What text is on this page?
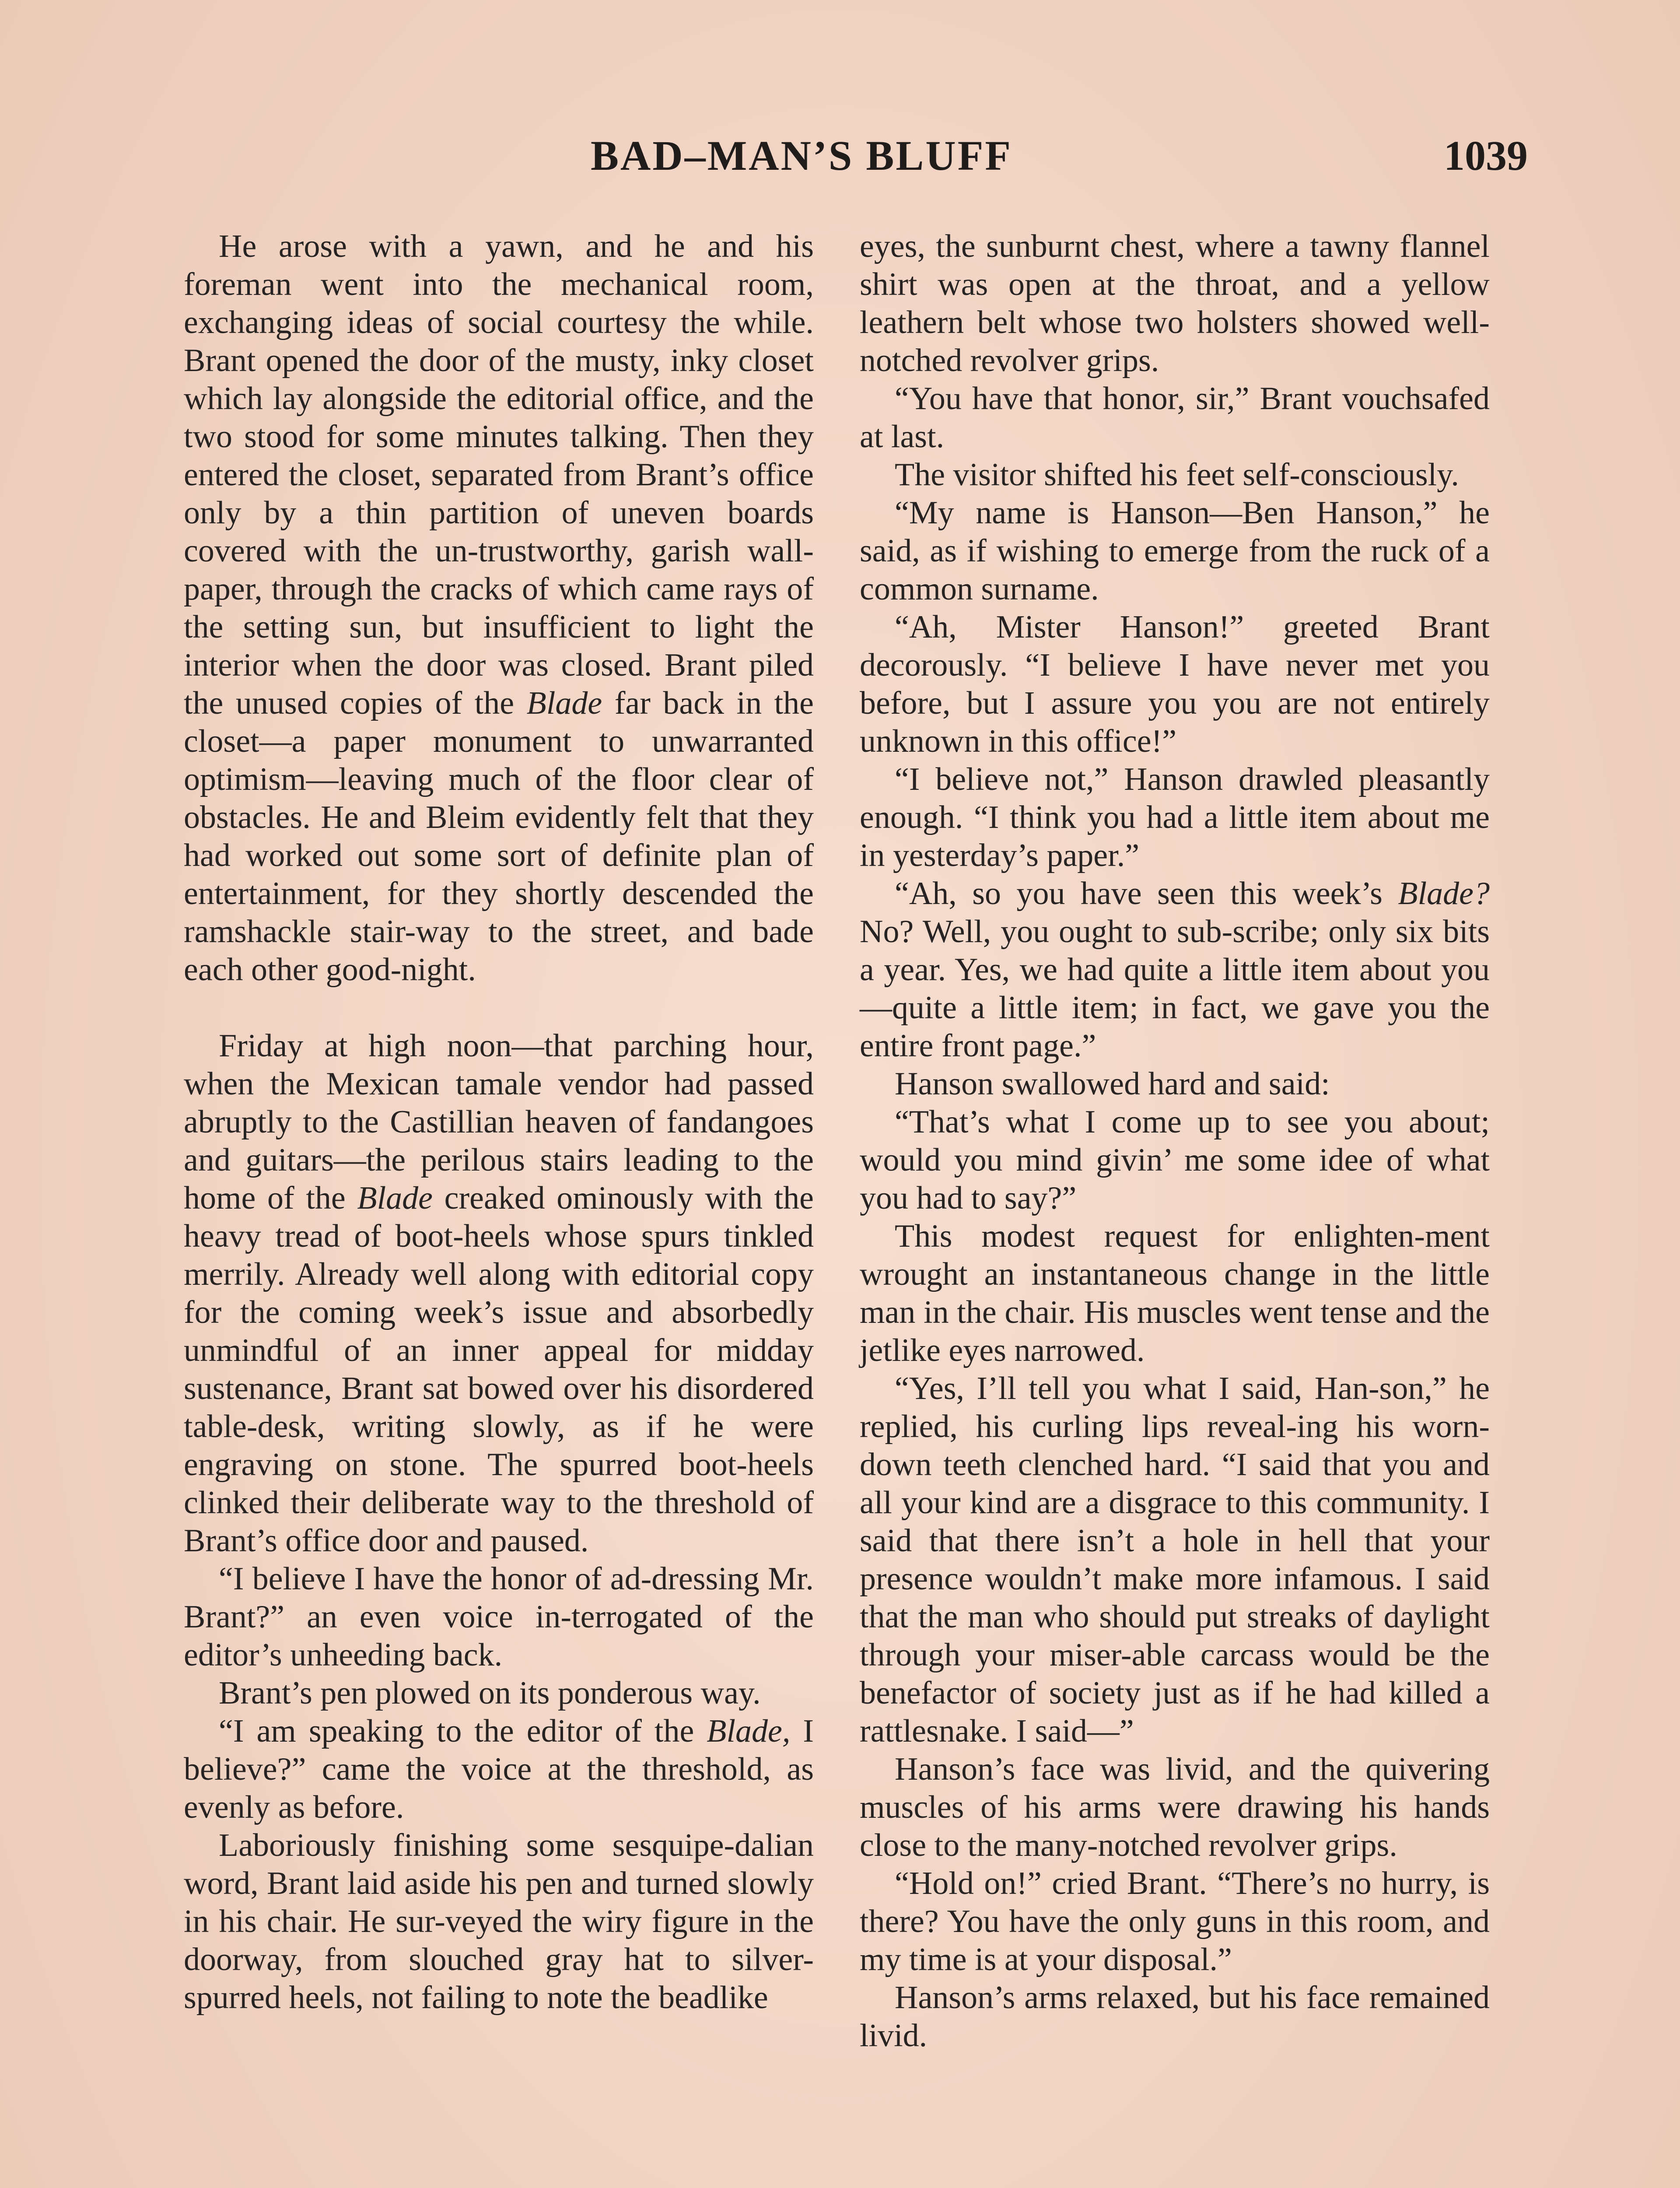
BAD–MAN’S BLUFF	1039

He arose with a yawn, and he and his foreman went into the mechanical room, exchanging ideas of social courtesy the while. Brant opened the door of the musty, inky closet which lay alongside the editorial office, and the two stood for some minutes talking. Then they entered the closet, separated from Brant’s office only by a thin partition of uneven boards covered with the un-trustworthy, garish wall-paper, through the cracks of which came rays of the setting sun, but insufficient to light the interior when the door was closed. Brant piled the unused copies of the Blade far back in the closet—a paper monument to unwarranted optimism—leaving much of the floor clear of obstacles. He and Bleim evidently felt that they had worked out some sort of definite plan of entertainment, for they shortly descended the ramshackle stair-way to the street, and bade each other good-night.

Friday at high noon—that parching hour, when the Mexican tamale vendor had passed abruptly to the Castillian heaven of fandangoes and guitars—the perilous stairs leading to the home of the Blade creaked ominously with the heavy tread of boot-heels whose spurs tinkled merrily. Already well along with editorial copy for the coming week’s issue and absorbedly unmindful of an inner appeal for midday sustenance, Brant sat bowed over his disordered table-desk, writing slowly, as if he were engraving on stone. The spurred boot-heels clinked their deliberate way to the threshold of Brant’s office door and paused.

“I believe I have the honor of ad-dressing Mr. Brant?” an even voice in-terrogated of the editor’s unheeding back.

Brant’s pen plowed on its ponderous way.

“I am speaking to the editor of the Blade, I believe?” came the voice at the threshold, as evenly as before.

Laboriously finishing some sesquipe-dalian word, Brant laid aside his pen and turned slowly in his chair. He sur-veyed the wiry figure in the doorway, from slouched gray hat to silver-spurred heels, not failing to note the beadlike

eyes, the sunburnt chest, where a tawny flannel shirt was open at the throat, and a yellow leathern belt whose two holsters showed well-notched revolver grips.

“You have that honor, sir,” Brant vouchsafed at last.

The visitor shifted his feet self-consciously.

“My name is Hanson—Ben Hanson,” he said, as if wishing to emerge from the ruck of a common surname.

“Ah, Mister Hanson!” greeted Brant decorously. “I believe I have never met you before, but I assure you you are not entirely unknown in this office!”

“I believe not,” Hanson drawled pleasantly enough. “I think you had a little item about me in yesterday’s paper.”

“Ah, so you have seen this week’s Blade? No? Well, you ought to sub-scribe; only six bits a year. Yes, we had quite a little item about you—quite a little item; in fact, we gave you the entire front page.”

Hanson swallowed hard and said:

“That’s what I come up to see you about; would you mind givin’ me some idee of what you had to say?”

This modest request for enlighten-ment wrought an instantaneous change in the little man in the chair. His muscles went tense and the jetlike eyes narrowed.

“Yes, I’ll tell you what I said, Han-son,” he replied, his curling lips reveal-ing his worn-down teeth clenched hard. “I said that you and all your kind are a disgrace to this community. I said that there isn’t a hole in hell that your presence wouldn’t make more infamous. I said that the man who should put streaks of daylight through your miser-able carcass would be the benefactor of society just as if he had killed a rattlesnake. I said—”

Hanson’s face was livid, and the quivering muscles of his arms were drawing his hands close to the many-notched revolver grips.

“Hold on!” cried Brant. “There’s no hurry, is there? You have the only guns in this room, and my time is at your disposal.”

Hanson’s arms relaxed, but his face remained livid.
